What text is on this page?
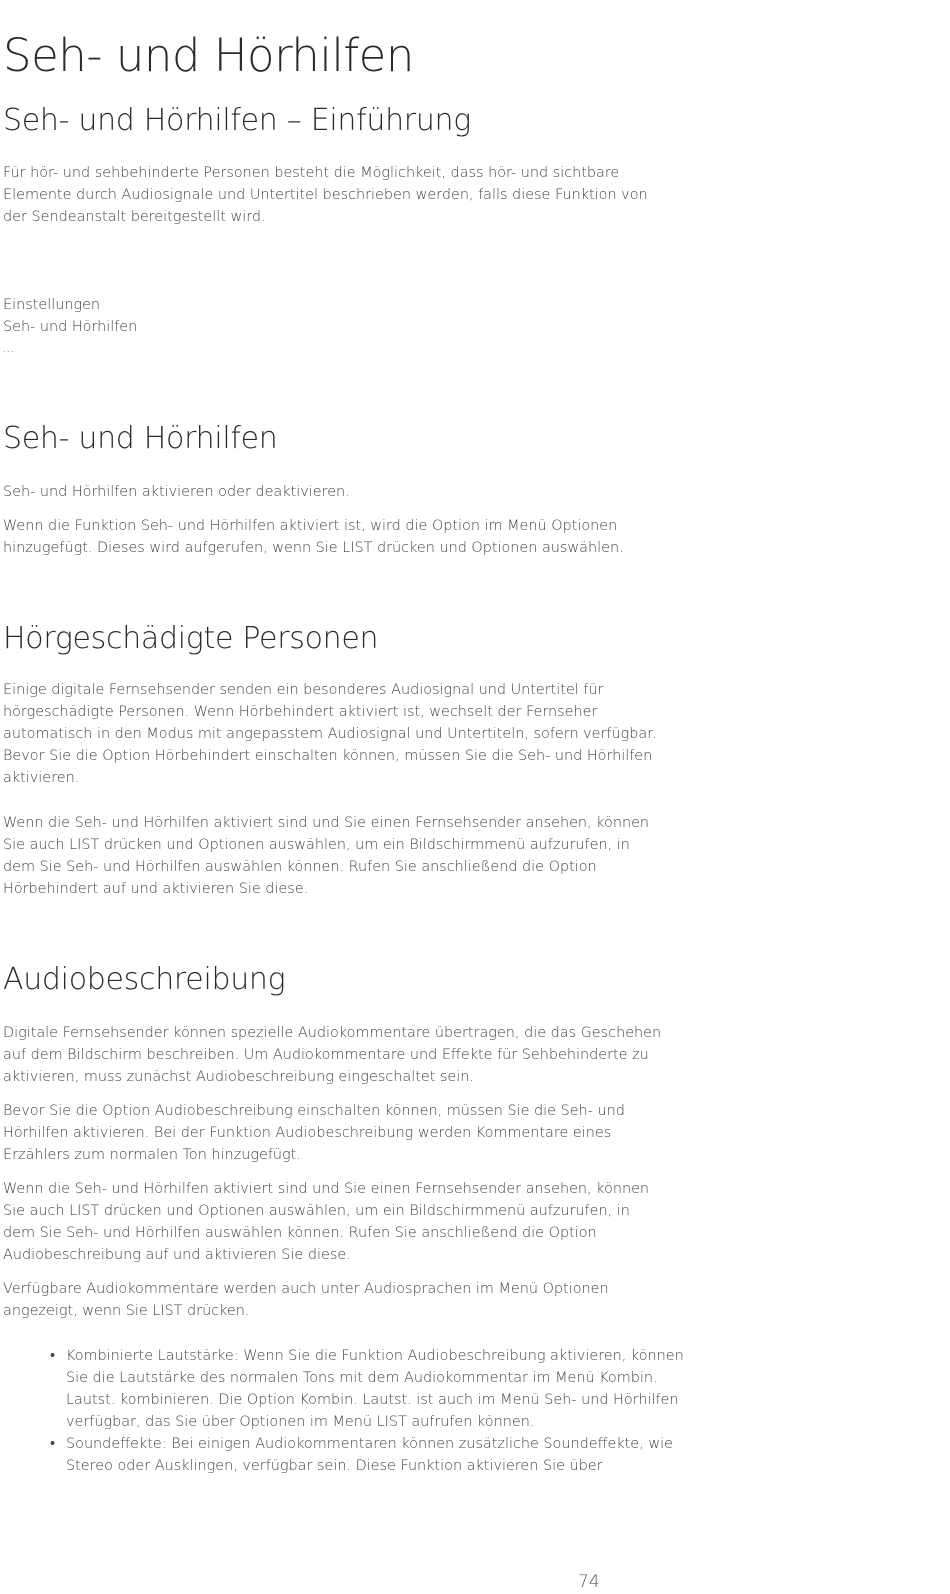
Seh- und Hörhilfen
Seh- und Hörhilfen – Einführung

Für hör- und sehbehinderte Personen besteht die Möglichkeit, dass hör- und sichtbare Elemente durch Audiosignale und Untertitel beschrieben werden, falls diese Funktion von der Sendeanstalt bereitgestellt wird.

Einstellungen
Seh- und Hörhilfen
...
Seh- und Hörhilfen

Seh- und Hörhilfen aktivieren oder deaktivieren.

Wenn die Funktion Seh- und Hörhilfen aktiviert ist, wird die Option im Menü Optionen hinzugefügt. Dieses wird aufgerufen, wenn Sie LIST drücken und Optionen auswählen.

Hörgeschädigte Personen

Einige digitale Fernsehsender senden ein besonderes Audiosignal und Untertitel für hörgeschädigte Personen. Wenn Hörbehindert aktiviert ist, wechselt der Fernseher automatisch in den Modus mit angepasstem Audiosignal und Untertiteln, sofern verfügbar. Bevor Sie die Option Hörbehindert einschalten können, müssen Sie die Seh- und Hörhilfen aktivieren.

Wenn die Seh- und Hörhilfen aktiviert sind und Sie einen Fernsehsender ansehen, können Sie auch LIST drücken und Optionen auswählen, um ein Bildschirmmenü aufzurufen, in dem Sie Seh- und Hörhilfen auswählen können. Rufen Sie anschließend die Option Hörbehindert auf und aktivieren Sie diese.

Audiobeschreibung

Digitale Fernsehsender können spezielle Audiokommentare übertragen, die das Geschehen auf dem Bildschirm beschreiben. Um Audiokommentare und Effekte für Sehbehinderte zu aktivieren, muss zunächst Audiobeschreibung eingeschaltet sein.

Bevor Sie die Option Audiobeschreibung einschalten können, müssen Sie die Seh- und Hörhilfen aktivieren. Bei der Funktion Audiobeschreibung werden Kommentare eines Erzählers zum normalen Ton hinzugefügt.

Wenn die Seh- und Hörhilfen aktiviert sind und Sie einen Fernsehsender ansehen, können Sie auch LIST drücken und Optionen auswählen, um ein Bildschirmmenü aufzurufen, in dem Sie Seh- und Hörhilfen auswählen können. Rufen Sie anschließend die Option Audiobeschreibung auf und aktivieren Sie diese.

Verfügbare Audiokommentare werden auch unter Audiosprachen im Menü Optionen angezeigt, wenn Sie LIST drücken.

• Kombinierte Lautstärke: Wenn Sie die Funktion Audiobeschreibung aktivieren, können Sie die Lautstärke des normalen Tons mit dem Audiokommentar im Menü Kombin. Lautst. kombinieren. Die Option Kombin. Lautst. ist auch im Menü Seh- und Hörhilfen verfügbar, das Sie über Optionen im Menü LIST aufrufen können.
• Soundeffekte: Bei einigen Audiokommentaren können zusätzliche Soundeffekte, wie Stereo oder Ausklingen, verfügbar sein. Diese Funktion aktivieren Sie über
74
